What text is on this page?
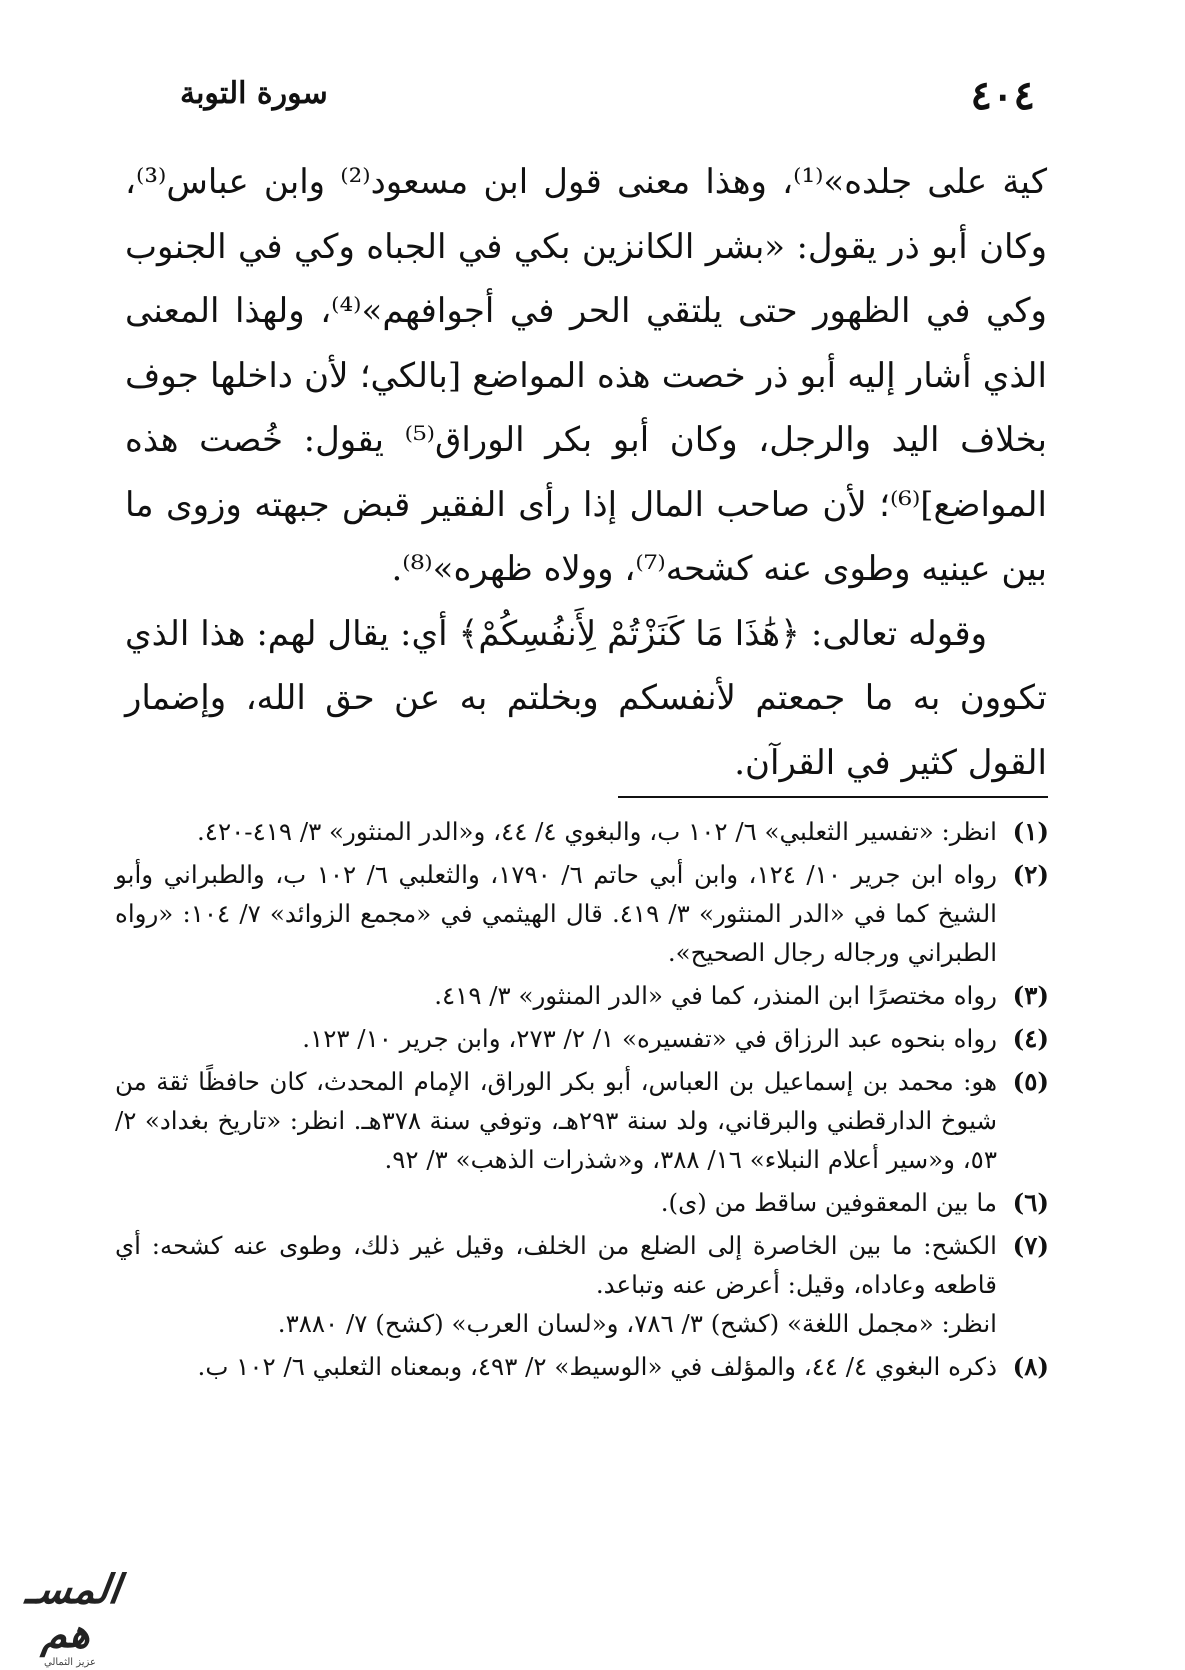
٤٠٤
سورة التوبة

كية على جلده»⁽¹⁾، وهذا معنى قول ابن مسعود⁽²⁾ وابن عباس⁽³⁾، وكان أبو ذر يقول: «بشر الكانزين بكي في الجباه وكي في الجنوب وكي في الظهور حتى يلتقي الحر في أجوافهم»⁽⁴⁾، ولهذا المعنى الذي أشار إليه أبو ذر خصت هذه المواضع [بالكي؛ لأن داخلها جوف بخلاف اليد والرجل، وكان أبو بكر الوراق⁽⁵⁾ يقول: خُصت هذه المواضع]⁽⁶⁾؛ لأن صاحب المال إذا رأى الفقير قبض جبهته وزوى ما بين عينيه وطوى عنه كشحه⁽⁷⁾، وولاه ظهره»⁽⁸⁾.

وقوله تعالى: ﴿هَٰذَا مَا كَنَزْتُمْ لِأَنفُسِكُمْ﴾ أي: يقال لهم: هذا الذي تكوون به ما جمعتم لأنفسكم وبخلتم به عن حق الله، وإضمار القول كثير في القرآن.

(١)
انظر: «تفسير الثعلبي» ٦/ ١٠٢ ب، والبغوي ٤/ ٤٤، و«الدر المنثور» ٣/ ٤١٩-٤٢٠.
(٢)
رواه ابن جرير ١٠/ ١٢٤، وابن أبي حاتم ٦/ ١٧٩٠، والثعلبي ٦/ ١٠٢ ب، والطبراني وأبو الشيخ كما في «الدر المنثور» ٣/ ٤١٩. قال الهيثمي في «مجمع الزوائد» ٧/ ١٠٤: «رواه الطبراني ورجاله رجال الصحيح».
(٣)
رواه مختصرًا ابن المنذر، كما في «الدر المنثور» ٣/ ٤١٩.
(٤)
رواه بنحوه عبد الرزاق في «تفسيره» ١/ ٢/ ٢٧٣، وابن جرير ١٠/ ١٢٣.
(٥)
هو: محمد بن إسماعيل بن العباس، أبو بكر الوراق، الإمام المحدث، كان حافظًا ثقة من شيوخ الدارقطني والبرقاني، ولد سنة ٢٩٣هـ، وتوفي سنة ٣٧٨هـ. انظر: «تاريخ بغداد» ٢/ ٥٣، و«سير أعلام النبلاء» ١٦/ ٣٨٨، و«شذرات الذهب» ٣/ ٩٢.
(٦)
ما بين المعقوفين ساقط من (ى).
(٧)
الكشح: ما بين الخاصرة إلى الضلع من الخلف، وقيل غير ذلك، وطوى عنه كشحه: أي قاطعه وعاداه، وقيل: أعرض عنه وتباعد.
انظر: «مجمل اللغة» (كشح) ٣/ ٧٨٦، و«لسان العرب» (كشح) ٧/ ٣٨٨٠.
(٨)
ذكره البغوي ٤/ ٤٤، والمؤلف في «الوسيط» ٢/ ٤٩٣، وبمعناه الثعلبي ٦/ ١٠٢ ب.
المسـ هم
عزيز الثمالي
